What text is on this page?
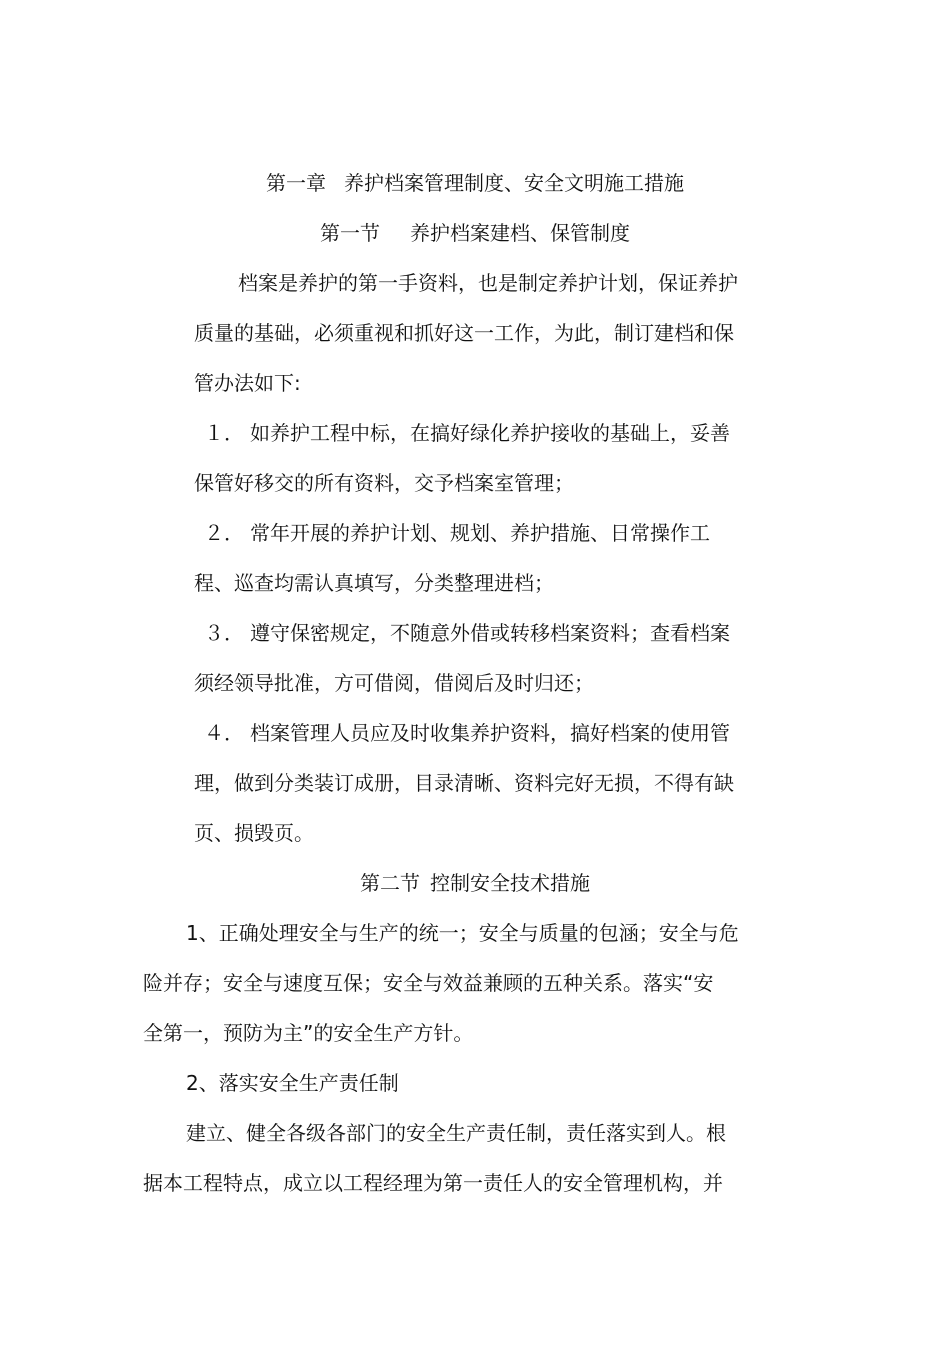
第一章 养护档案管理制度、安全文明施工措施

第一节 养护档案建档、保管制度

档案是养护的第一手资料，也是制定养护计划，保证养护

质量的基础，必须重视和抓好这一工作，为此，制订建档和保

管办法如下:

１． 如养护工程中标，在搞好绿化养护接收的基础上，妥善

保管好移交的所有资料，交予档案室管理；

２． 常年开展的养护计划、规划、养护措施、日常操作工

程、巡查均需认真填写，分类整理进档；

３． 遵守保密规定，不随意外借或转移档案资料；查看档案

须经领导批准，方可借阅，借阅后及时归还；

４． 档案管理人员应及时收集养护资料，搞好档案的使用管

理，做到分类装订成册，目录清晰、资料完好无损，不得有缺

页、损毁页。

第二节 控制安全技术措施

1、正确处理安全与生产的统一；安全与质量的包涵；安全与危

险并存；安全与速度互保；安全与效益兼顾的五种关系。落实“安

全第一，预防为主”的安全生产方针。

2、落实安全生产责任制

建立、健全各级各部门的安全生产责任制，责任落实到人。根

据本工程特点，成立以工程经理为第一责任人的安全管理机构，并
